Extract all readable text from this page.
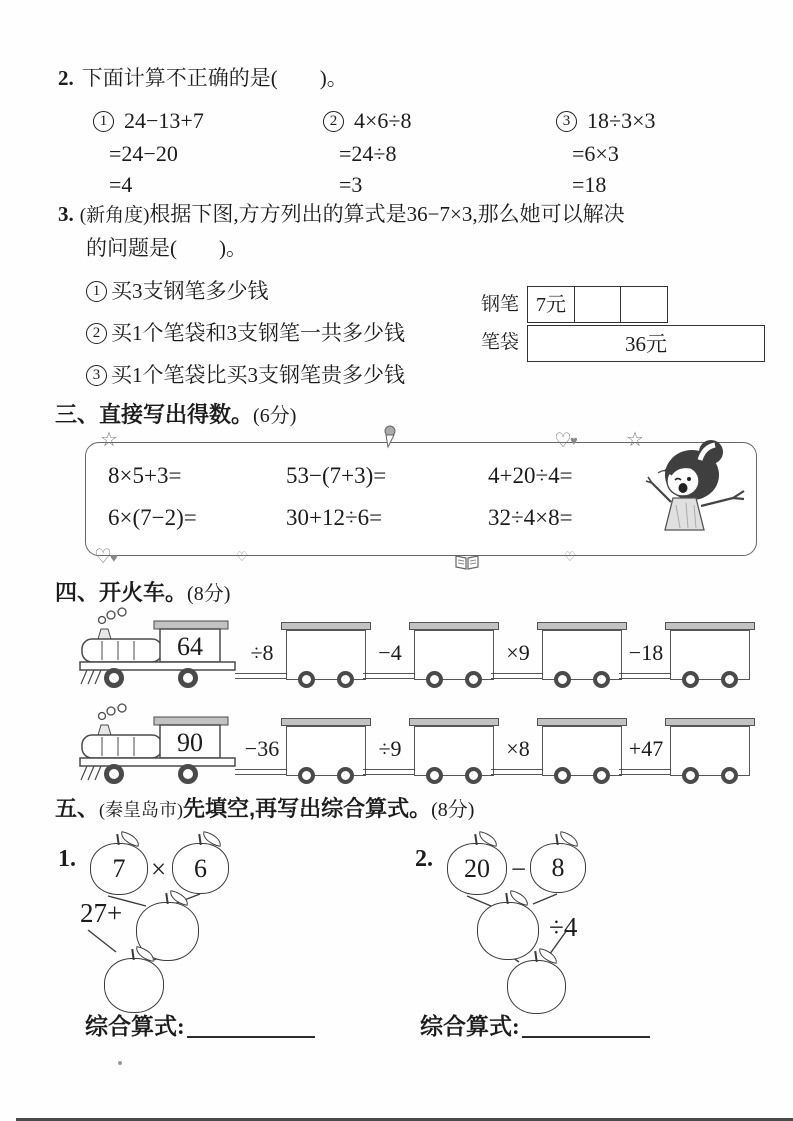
2. 下面计算不正确的是(　　)。
1 24−13+7
=24−20
=4
2 4×6÷8
=24÷8
=3
3 18÷3×3
=6×3
=18
3. (新角度)根据下图,方方列出的算式是36−7×3,那么她可以解决
的问题是(　　)。
1 买3支钢笔多少钱
2 买1个笔袋和3支钢笔一共多少钱
3 买1个笔袋比买3支钢笔贵多少钱
钢笔 7元
笔袋	36元
三、直接写出得数。(6分)
8×5+3=	53−(7+3)=	4+20÷4=
6×(7−2)=	30+12÷6=	32÷4×8=
☆	☆
♡
♥
♡
♥	♡	♡
四、开火车。(8分)
64	÷8	−4	×9	−18
90	−36	÷9	×8	+47
五、(秦皇岛市)先填空,再写出综合算式。(8分)
1. 7 × 6
27+
2. 20 − 8
÷4
综合算式:	综合算式:
